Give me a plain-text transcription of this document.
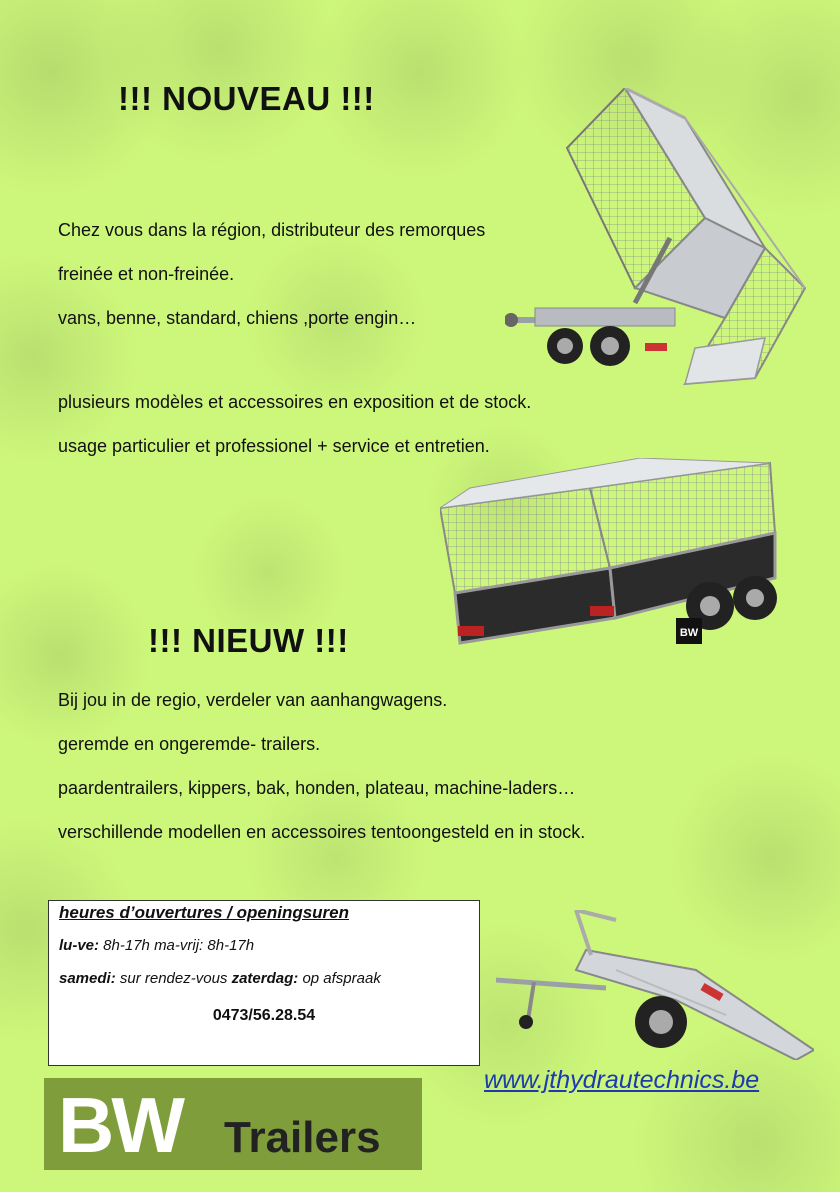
!!! NOUVEAU !!!
Chez vous dans la région, distributeur des remorques
freinée et non-freinée.
vans, benne, standard, chiens ,porte engin…
plusieurs modèles et accessoires en exposition et de stock.
usage particulier et professionel + service et entretien.
BW
!!! NIEUW !!!
Bij jou in de regio, verdeler van aanhangwagens.
geremde en ongeremde- trailers.
paardentrailers, kippers, bak, honden, plateau, machine-laders…
verschillende modellen en accessoires tentoongesteld en in stock.

heures d’ouvertures / openingsuren

lu-ve: 8h-17h ma-vrij: 8h-17h

samedi: sur rendez-vous zaterdag: op afspraak

0473/56.28.54
www.jthydrautechnics.be
BW Trailers
